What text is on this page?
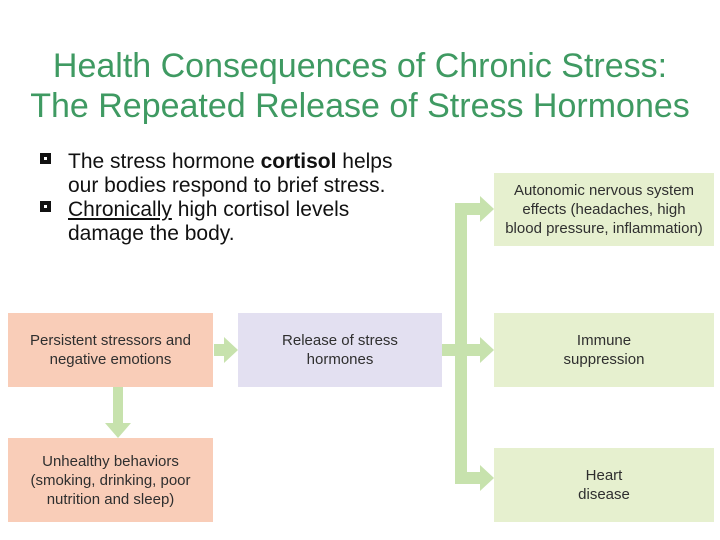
Health Consequences of Chronic Stress:
The Repeated Release of Stress Hormones
The stress hormone cortisol helps our bodies respond to brief stress.
Chronically high cortisol levels damage the body.
Persistent stressors and negative emotions
Release of stress hormones
Unhealthy behaviors (smoking, drinking, poor nutrition and sleep)
Autonomic nervous system effects (headaches, high blood pressure, inflammation)
Immune suppression
Heart disease
